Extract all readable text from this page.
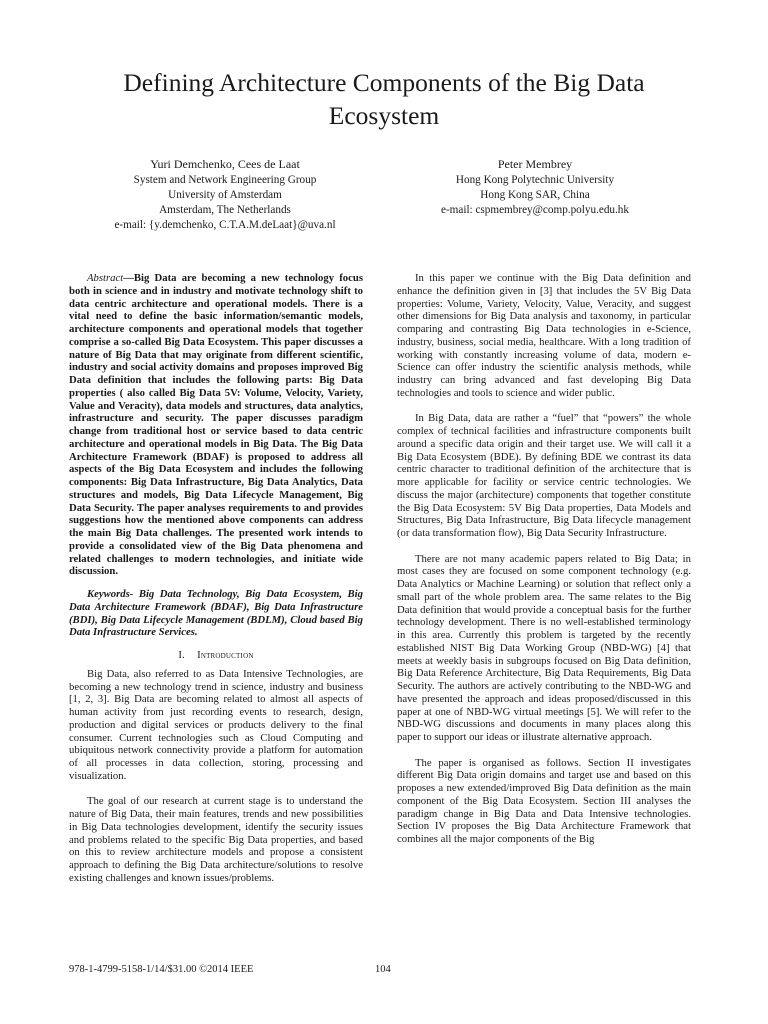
Defining Architecture Components of the Big Data Ecosystem
Yuri Demchenko, Cees de Laat
System and Network Engineering Group
University of Amsterdam
Amsterdam, The Netherlands
e-mail: {y.demchenko, C.T.A.M.deLaat}@uva.nl
Peter Membrey
Hong Kong Polytechnic University
Hong Kong SAR, China
e-mail: cspmembrey@comp.polyu.edu.hk

Abstract—Big Data are becoming a new technology focus both in science and in industry and motivate technology shift to data centric architecture and operational models. There is a vital need to define the basic information/semantic models, architecture components and operational models that together comprise a so-called Big Data Ecosystem. This paper discusses a nature of Big Data that may originate from different scientific, industry and social activity domains and proposes improved Big Data definition that includes the following parts: Big Data properties ( also called Big Data 5V: Volume, Velocity, Variety, Value and Veracity), data models and structures, data analytics, infrastructure and security. The paper discusses paradigm change from traditional host or service based to data centric architecture and operational models in Big Data. The Big Data Architecture Framework (BDAF) is proposed to address all aspects of the Big Data Ecosystem and includes the following components: Big Data Infrastructure, Big Data Analytics, Data structures and models, Big Data Lifecycle Management, Big Data Security. The paper analyses requirements to and provides suggestions how the mentioned above components can address the main Big Data challenges. The presented work intends to provide a consolidated view of the Big Data phenomena and related challenges to modern technologies, and initiate wide discussion.

Keywords- Big Data Technology, Big Data Ecosystem, Big Data Architecture Framework (BDAF), Big Data Infrastructure (BDI), Big Data Lifecycle Management (BDLM), Cloud based Big Data Infrastructure Services.

I. Introduction

Big Data, also referred to as Data Intensive Technologies, are becoming a new technology trend in science, industry and business [1, 2, 3]. Big Data are becoming related to almost all aspects of human activity from just recording events to research, design, production and digital services or products delivery to the final consumer. Current technologies such as Cloud Computing and ubiquitous network connectivity provide a platform for automation of all processes in data collection, storing, processing and visualization.

The goal of our research at current stage is to understand the nature of Big Data, their main features, trends and new possibilities in Big Data technologies development, identify the security issues and problems related to the specific Big Data properties, and based on this to review architecture models and propose a consistent approach to defining the Big Data architecture/solutions to resolve existing challenges and known issues/problems.

In this paper we continue with the Big Data definition and enhance the definition given in [3] that includes the 5V Big Data properties: Volume, Variety, Velocity, Value, Veracity, and suggest other dimensions for Big Data analysis and taxonomy, in particular comparing and contrasting Big Data technologies in e-Science, industry, business, social media, healthcare. With a long tradition of working with constantly increasing volume of data, modern e-Science can offer industry the scientific analysis methods, while industry can bring advanced and fast developing Big Data technologies and tools to science and wider public.

In Big Data, data are rather a “fuel” that “powers” the whole complex of technical facilities and infrastructure components built around a specific data origin and their target use. We will call it a Big Data Ecosystem (BDE). By defining BDE we contrast its data centric character to traditional definition of the architecture that is more applicable for facility or service centric technologies. We discuss the major (architecture) components that together constitute the Big Data Ecosystem: 5V Big Data properties, Data Models and Structures, Big Data Infrastructure, Big Data lifecycle management (or data transformation flow), Big Data Security Infrastructure.

There are not many academic papers related to Big Data; in most cases they are focused on some component technology (e.g. Data Analytics or Machine Learning) or solution that reflect only a small part of the whole problem area. The same relates to the Big Data definition that would provide a conceptual basis for the further technology development. There is no well-established terminology in this area. Currently this problem is targeted by the recently established NIST Big Data Working Group (NBD-WG) [4] that meets at weekly basis in subgroups focused on Big Data definition, Big Data Reference Architecture, Big Data Requirements, Big Data Security. The authors are actively contributing to the NBD-WG and have presented the approach and ideas proposed/discussed in this paper at one of NBD-WG virtual meetings [5]. We will refer to the NBD-WG discussions and documents in many places along this paper to support our ideas or illustrate alternative approach.

The paper is organised as follows. Section II investigates different Big Data origin domains and target use and based on this proposes a new extended/improved Big Data definition as the main component of the Big Data Ecosystem. Section III analyses the paradigm change in Big Data and Data Intensive technologies. Section IV proposes the Big Data Architecture Framework that combines all the major components of the Big

978-1-4799-5158-1/14/$31.00 ©2014 IEEE	104
